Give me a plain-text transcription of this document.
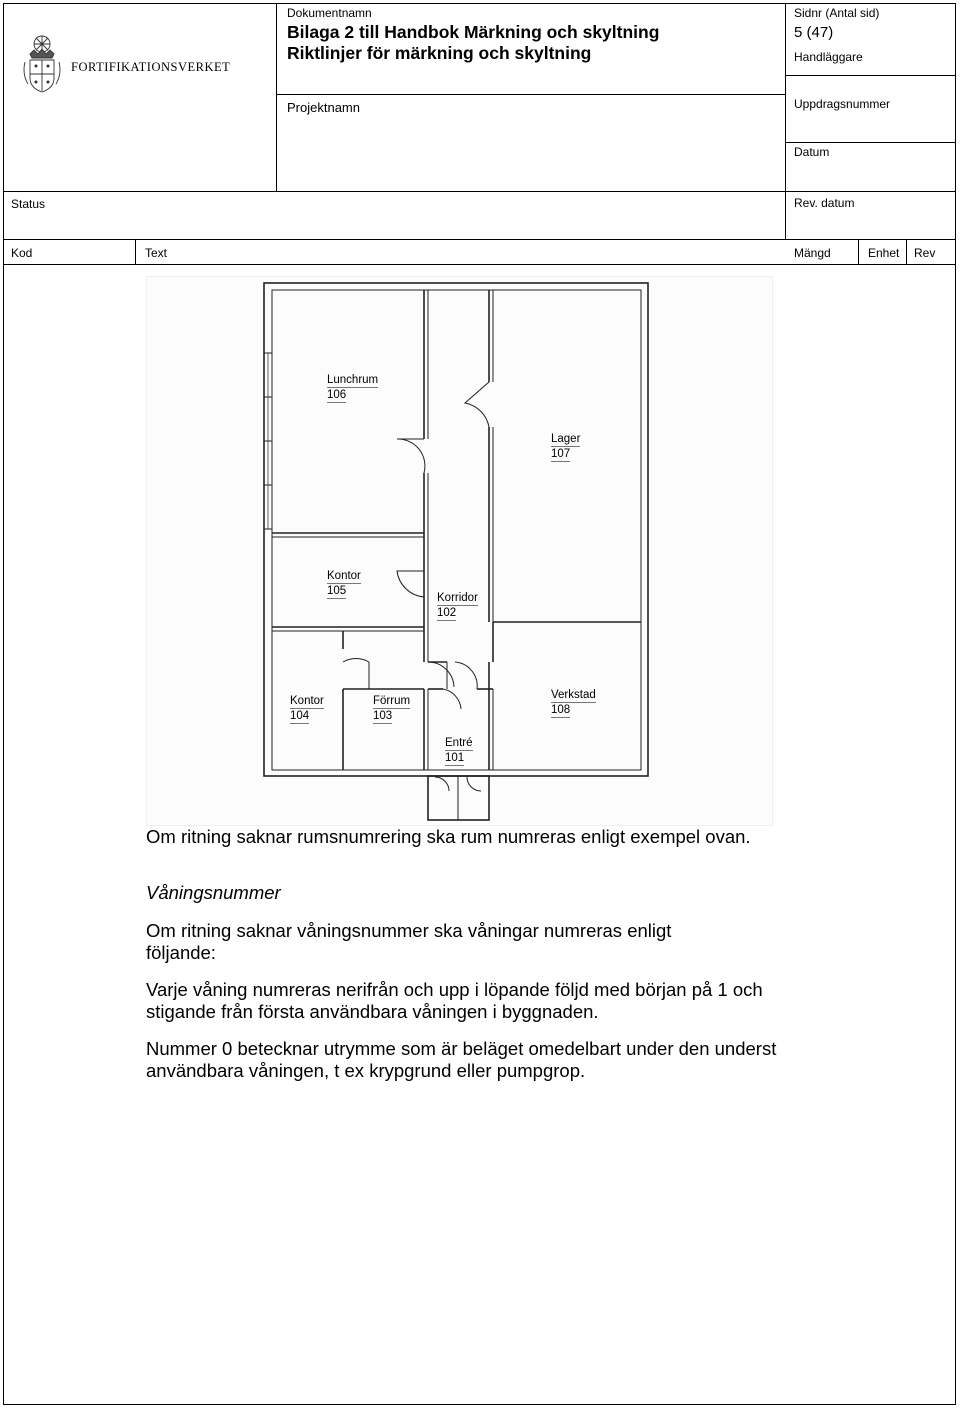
FORTIFIKATIONSVERKET
Dokumentnamn
Bilaga 2 till Handbok Märkning och skyltning
Riktlinjer för märkning och skyltning
Sidnr (Antal sid)
5 (47)
Handläggare
Projektnamn	Uppdragsnummer
Datum
Status	Rev. datum
Kod	Text	Mängd	Enhet Rev
Lunchrum
106
Lager
107
Kontor
105
Korridor
102
Kontor
104
Förrum
103
Verkstad
108
Entré
101
Om ritning saknar rumsnumrering ska rum numreras enligt exempel ovan.
Våningsnummer
Om ritning saknar våningsnummer ska våningar numreras enligt följande:
Varje våning numreras nerifrån och upp i löpande följd med början på 1 och stigande från första användbara våningen i byggnaden.
Nummer 0 betecknar utrymme som är beläget omedelbart under den underst användbara våningen, t ex krypgrund eller pumpgrop.
